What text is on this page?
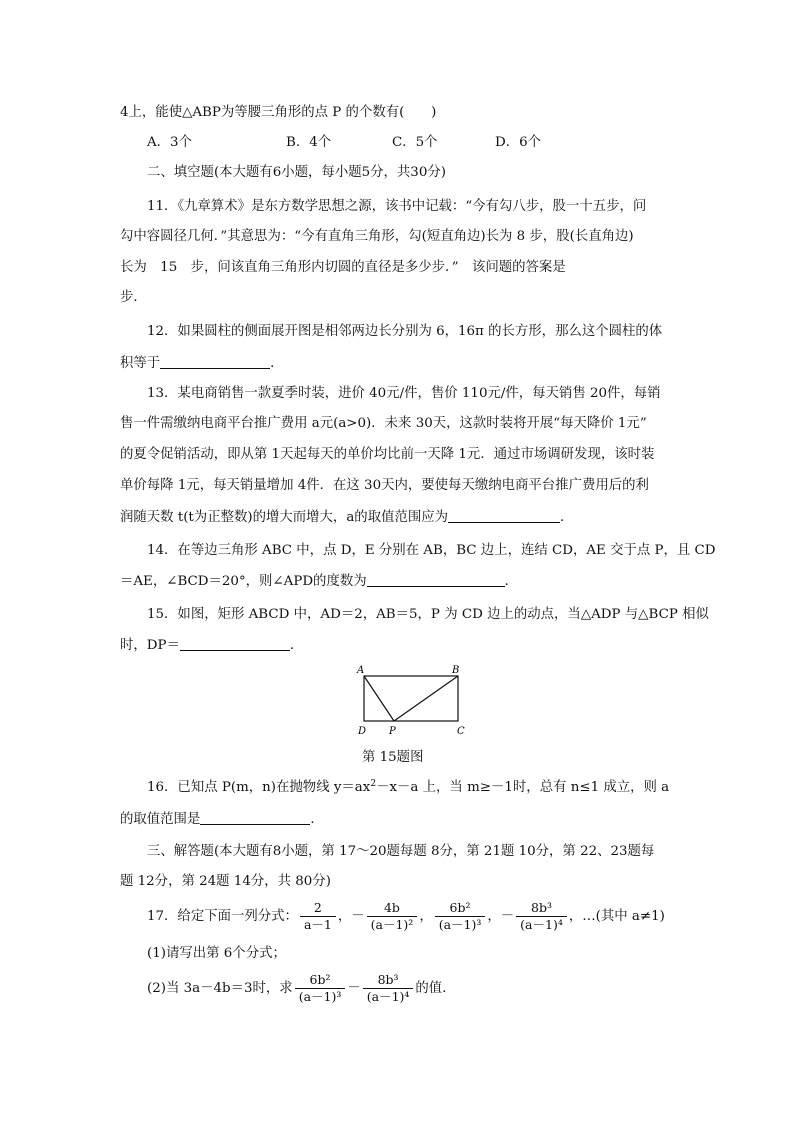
4上，能使△ABP为等腰三角形的点 P 的个数有(　　)
A．3个	B．4个	C．5个	D．6个
二、填空题(本大题有6小题，每小题5分，共30分)
11．《九章算术》是东方数学思想之源，该书中记载：“今有勾八步，股一十五步，问
勾中容圆径几何．”其意思为：“今有直角三角形，勾(短直角边)长为 8 步，股(长直角边)
长为　15　步，问该直角三角形内切圆的直径是多少步．”　该问题的答案是
步．
12．如果圆柱的侧面展开图是相邻两边长分别为 6，16π 的长方形，那么这个圆柱的体
积等于	．
13．某电商销售一款夏季时装，进价 40元/件，售价 110元/件，每天销售 20件，每销
售一件需缴纳电商平台推广费用 a元(a>0)．未来 30天，这款时装将开展“每天降价 1元”
的夏令促销活动，即从第 1天起每天的单价均比前一天降 1元．通过市场调研发现，该时装
单价每降 1元，每天销量增加 4件．在这 30天内，要使每天缴纳电商平台推广费用后的利
润随天数 t(t为正整数)的增大而增大，a的取值范围应为	．
14．在等边三角形 ABC 中，点 D，E 分别在 AB，BC 边上，连结 CD，AE 交于点 P，且 CD
＝AE，∠BCD＝20°，则∠APD的度数为	．
15．如图，矩形 ABCD 中，AD＝2，AB＝5，P 为 CD 边上的动点，当△ADP 与△BCP 相似
时，DP＝	．
A	B
C
D P
第 15题图
16．已知点 P(m，n)在抛物线 $y=ax^2-x-a$ 上，当 m≥－1时，总有 n≤1 成立，则 a
的取值范围是	．
三、解答题(本大题有8小题，第 17～20题每题 8分，第 21题 10分，第 22、23题每
题 12分，第 24题 14分，共 80分)
17．给定下面一列分式： $\frac{2}{a-1}$ ，－ $\frac{4b}{\text{(a－1)²}}$ ， $\frac{\text{6b²}}{\text{(a－1)³}}$ ，－ $\frac{\text{8b³}}{\text{(a－1)⁴}}$ ，…(其中 a≠1)
(1)请写出第 6个分式；
(2)当 3a－4b＝3时，求 $\frac{\text{6b²}}{\text{(a－1)³}} - \frac{\text{8b³}}{\text{(a－1)⁴}}$ 的值．
